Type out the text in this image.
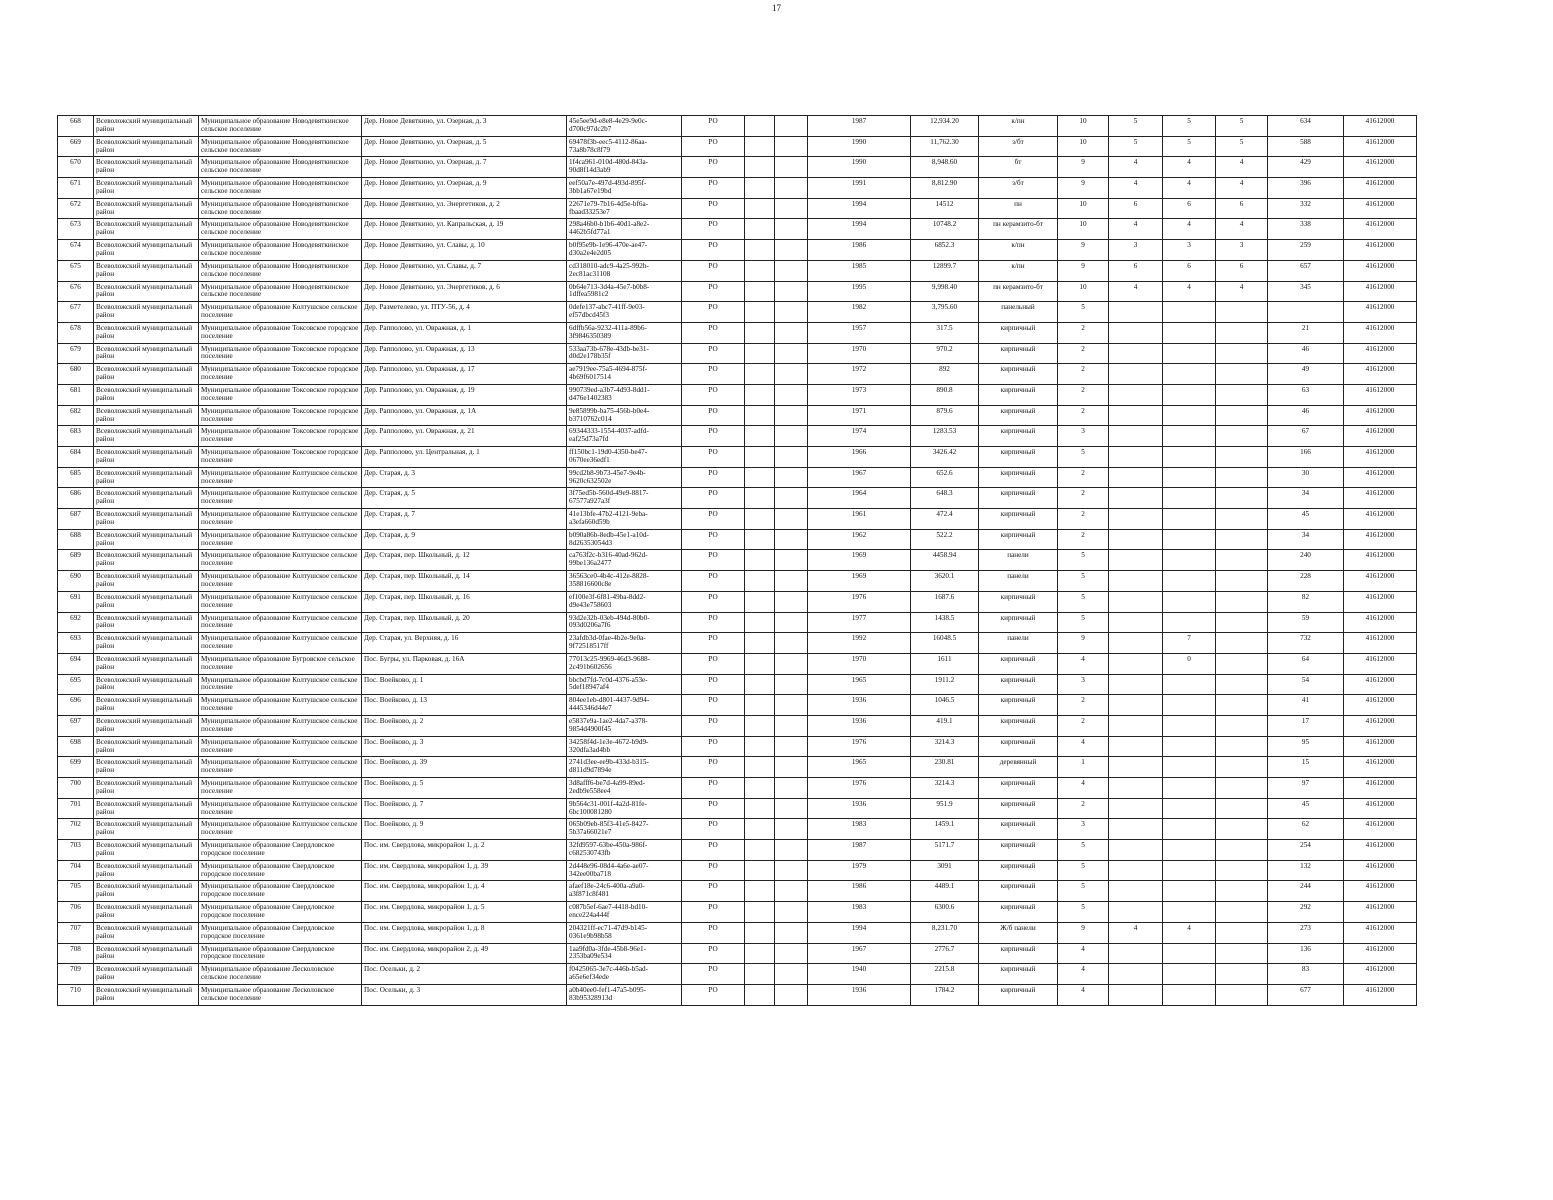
17
668	Всеволожский муниципальный район	Муниципальное образование Новодевяткинское сельское поселение	Дер. Новое Девяткино, ул. Озерная, д. 3	45e5ee9d-e8e8-4e29-9e0c-d700c97dc2b7	РО			1987	12,934.20	к/пн	10	5	5	5	634	41612000
669	Всеволожский муниципальный район	Муниципальное образование Новодевяткинское сельское поселение	Дер. Новое Девяткино, ул. Озерная, д. 5	69478f3b-eec5-4112-86aa-73a8b78c8f79	РО			1990	11,762.30	з/бт	10	5	5	5	588	41612000
670	Всеволожский муниципальный район	Муниципальное образование Новодевяткинское сельское поселение	Дер. Новое Девяткино, ул. Озерная, д. 7	1f4ca961-010d-480d-843a-90d8f14d3ab9	РО			1990	8,948.60	бт	9	4	4	4	429	41612000
671	Всеволожский муниципальный район	Муниципальное образование Новодевяткинское сельское поселение	Дер. Новое Девяткино, ул. Озерная, д. 9	eef50a7e-497d-493d-895f-3bb1a67e19bd	РО			1991	8,812.90	з/бт	9	4	4	4	396	41612000
672	Всеволожский муниципальный район	Муниципальное образование Новодевяткинское сельское поселение	Дер. Новое Девяткино, ул. Энергетиков, д. 2	22671e79-7b16-4d5e-bf6a-fbaad33253e7	РО			1994	14512	пн	10	6	6	6	332	41612000
673	Всеволожский муниципальный район	Муниципальное образование Новодевяткинское сельское поселение	Дер. Новое Девяткино, ул. Капральская, д. 19	298a46b0-b1b6-40d1-a8e2-4462b5fd77a1	РО			1994	10748.2	пн керамзито-бт	10	4	4	4	338	41612000
674	Всеволожский муниципальный район	Муниципальное образование Новодевяткинское сельское поселение	Дер. Новое Девяткино, ул. Славы, д. 10	b0f95e9b-1e96-470e-ae47-d30a2e4e2d05	РО			1986	6852.3	к/пн	9	3	3	3	259	41612000
675	Всеволожский муниципальный район	Муниципальное образование Новодевяткинское сельское поселение	Дер. Новое Девяткино, ул. Славы, д. 7	cd318010-adc9-4a25-992b-2ec81ac31108	РО			1985	12899.7	к/пн	9	6	6	6	657	41612000
676	Всеволожский муниципальный район	Муниципальное образование Новодевяткинское сельское поселение	Дер. Новое Девяткино, ул. Энергетиков, д. 6	0b64e713-3d4a-45e7-b0b8-1dffea5981c2	РО			1995	9,998.40	пн керамзито-бт	10	4	4	4	345	41612000
677	Всеволожский муниципальный район	Муниципальное образование Колтушское сельское поселение	Дер. Разметелево, ул. ПТУ-56, д. 4	0defe137-abc7-41ff-9e03-ef57dbcd45f3	РО			1982	3,795.60	панельный	5					41612000
678	Всеволожский муниципальный район	Муниципальное образование Токсовское городское поселение	Дер. Рапполово, ул. Овражная, д. 1	6dffb56a-9232-411a-89b6-3f9846350389	РО			1957	317.5	кирпичный	2				21	41612000
679	Всеволожский муниципальный район	Муниципальное образование Токсовское городское поселение	Дер. Рапполово, ул. Овражная, д. 13	533aa73b-678e-43db-be31-d0d2e178b35f	РО			1970	970.2	кирпичный	2				46	41612000
680	Всеволожский муниципальный район	Муниципальное образование Токсовское городское поселение	Дер. Рапполово, ул. Овражная, д. 17	ae7919ee-75a5-4694-875f-4b69f6017514	РО			1972	892	кирпичный	2				49	41612000
681	Всеволожский муниципальный район	Муниципальное образование Токсовское городское поселение	Дер. Рапполово, ул. Овражная, д. 19	990739ed-a3b7-4d93-8dd1-d476e1402383	РО			1973	890.8	кирпичный	2				63	41612000
682	Всеволожский муниципальный район	Муниципальное образование Токсовское городское поселение	Дер. Рапполово, ул. Овражная, д. 1А	9e85899b-ba75-456b-b0e4-b3710762c014	РО			1971	879.6	кирпичный	2				46	41612000
683	Всеволожский муниципальный район	Муниципальное образование Токсовское городское поселение	Дер. Рапполово, ул. Овражная, д. 21	69344333-1554-4037-adfd-eaf25d73a7fd	РО			1974	1283.53	кирпичный	3				67	41612000
684	Всеволожский муниципальный район	Муниципальное образование Токсовское городское поселение	Дер. Рапполово, ул. Центральная, д. 1	ff150bc1-19d0-4350-be47-0670ee36edf1	РО			1966	3426.42	кирпичный	5				166	41612000
685	Всеволожский муниципальный район	Муниципальное образование Колтушское сельское поселение	Дер. Старая, д. 3	99cd2b8-9b73-45e7-9e4b-9620c632502e	РО			1967	652.6	кирпичный	2				30	41612000
686	Всеволожский муниципальный район	Муниципальное образование Колтушское сельское поселение	Дер. Старая, д. 5	3f75ed5b-560d-49e9-8817-67577a927a3f	РО			1964	648.3	кирпичный	2				34	41612000
687	Всеволожский муниципальный район	Муниципальное образование Колтушское сельское поселение	Дер. Старая, д. 7	41e13bfe-47b2-4121-9eba-a3efa660d59b	РО			1961	472.4	кирпичный	2				45	41612000
688	Всеволожский муниципальный район	Муниципальное образование Колтушское сельское поселение	Дер. Старая, д. 9	b090a86b-8edb-45e1-a10d-8d26353054d3	РО			1962	522.2	кирпичный	2				34	41612000
689	Всеволожский муниципальный район	Муниципальное образование Колтушское сельское поселение	Дер. Старая, пер. Школьный, д. 12	ca763f2c-b316-40ad-962d-99be136a2477	РО			1969	4458.94	панели	5				240	41612000
690	Всеволожский муниципальный район	Муниципальное образование Колтушское сельское поселение	Дер. Старая, пер. Школьный, д. 14	36563ce0-4b4c-412e-8828-358816600c8e	РО			1969	3620.1	панели	5				228	41612000
691	Всеволожский муниципальный район	Муниципальное образование Колтушское сельское поселение	Дер. Старая, пер. Школьный, д. 16	ef100e3f-6f81-49ba-8dd2-d9e43e758603	РО			1976	1687.6	кирпичный	5				82	41612000
692	Всеволожский муниципальный район	Муниципальное образование Колтушское сельское поселение	Дер. Старая, пер. Школьный, д. 20	93d2e32b-03eb-494d-80b0-093d0206a7f6	РО			1977	1438.5	кирпичный	5				59	41612000
693	Всеволожский муниципальный район	Муниципальное образование Колтушское сельское поселение	Дер. Старая, ул. Верхняя, д. 16	23afdb3d-0fae-4b2e-9e0a-9f72518517ff	РО			1992	16048.5	панели	9		7		732	41612000
694	Всеволожский муниципальный район	Муниципальное образование Бугровское сельское поселение	Пос. Бугры, ул. Парковая, д. 16А	77013c25-9969-46d3-9688-2c491b602656	РО			1970	1611	кирпичный	4		0		64	41612000
695	Всеволожский муниципальный район	Муниципальное образование Колтушское сельское поселение	Пос. Воейково, д. 1	bbcbd7fd-7c0d-4376-a53e-5def18947af4	РО			1965	1911.2	кирпичный	3				54	41612000
696	Всеволожский муниципальный район	Муниципальное образование Колтушское сельское поселение	Пос. Воейково, д. 13	804ee1eb-d801-4437-9d94-4445346d44e7	РО			1936	1046.5	кирпичный	2				41	41612000
697	Всеволожский муниципальный район	Муниципальное образование Колтушское сельское поселение	Пос. Воейково, д. 2	e5837e9a-1ae2-4da7-a378-9854d4900f45	РО			1936	419.1	кирпичный	2				17	41612000
698	Всеволожский муниципальный район	Муниципальное образование Колтушское сельское поселение	Пос. Воейково, д. 3	34258f4d-1e3e-4672-b9d9-320dfa3ad4bb	РО			1976	3214.3	кирпичный	4				95	41612000
699	Всеволожский муниципальный район	Муниципальное образование Колтушское сельское поселение	Пос. Воейково, д. 39	2741d3ee-ee9b-433d-b315-d811d9d7894e	РО			1965	230.81	деревянный	1				15	41612000
700	Всеволожский муниципальный район	Муниципальное образование Колтушское сельское поселение	Пос. Воейково, д. 5	3d8afff6-be7d-4a99-89ed-2edb9e558ee4	РО			1976	3214.3	кирпичный	4				97	41612000
701	Всеволожский муниципальный район	Муниципальное образование Колтушское сельское поселение	Пос. Воейково, д. 7	9b564c31-001f-4a2d-81fe-6bc100081280	РО			1936	951.9	кирпичный	2				45	41612000
702	Всеволожский муниципальный район	Муниципальное образование Колтушское сельское поселение	Пос. Воейково, д. 9	065b09eb-85f3-41e5-8427-5b37a66021e7	РО			1983	1459.1	кирпичный	3				62	41612000
703	Всеволожский муниципальный район	Муниципальное образование Свердловское городское поселение	Пос. им. Свердлова, микрорайон 1, д. 2	32fd9597-63be-450a-986f-c682530743fb	РО			1987	5171.7	кирпичный	5				254	41612000
704	Всеволожский муниципальный район	Муниципальное образование Свердловское городское поселение	Пос. им. Свердлова, микрорайон 1, д. 39	2d448e96-08d4-4a6e-ae07-342ee00ba718	РО			1979	3091	кирпичный	5				132	41612000
705	Всеволожский муниципальный район	Муниципальное образование Свердловское городское поселение	Пос. им. Свердлова, микрорайон 1, д. 4	afaef18e-24c6-400a-a9a0-a3f871c8f481	РО			1986	4489.1	кирпичный	5				244	41612000
706	Всеволожский муниципальный район	Муниципальное образование Свердловское городское поселение	Пос. им. Свердлова, микрорайон 1, д. 5	c087b5ef-6ae7-4418-bd10-ence224a444f	РО			1983	6300.6	кирпичный	5				292	41612000
707	Всеволожский муниципальный район	Муниципальное образование Свердловское городское поселение	Пос. им. Свердлова, микрорайон 1, д. 8	204321ff-ec71-47d9-b145-0361e9b98b58	РО			1994	8,231.70	Ж/б панели	9	4	4		273	41612000
708	Всеволожский муниципальный район	Муниципальное образование Свердловское городское поселение	Пос. им. Свердлова, микрорайон 2, д. 49	1aa9fd0a-3fde-45b8-96e1-2353ba09e534	РО			1967	2776.7	кирпичный	4				136	41612000
709	Всеволожский муниципальный район	Муниципальное образование Лесколовское сельское поселение	Пос. Осельки, д. 2	f0425065-3e7c-446b-b5ad-a65e6ef34ede	РО			1940	2215.8	кирпичный	4				83	41612000
710	Всеволожский муниципальный район	Муниципальное образование Лесколовское сельское поселение	Пос. Осельки, д. 3	a0b40ee0-fef1-47a5-b095-83b95328913d	РО			1936	1784.2	кирпичный	4				677	41612000
